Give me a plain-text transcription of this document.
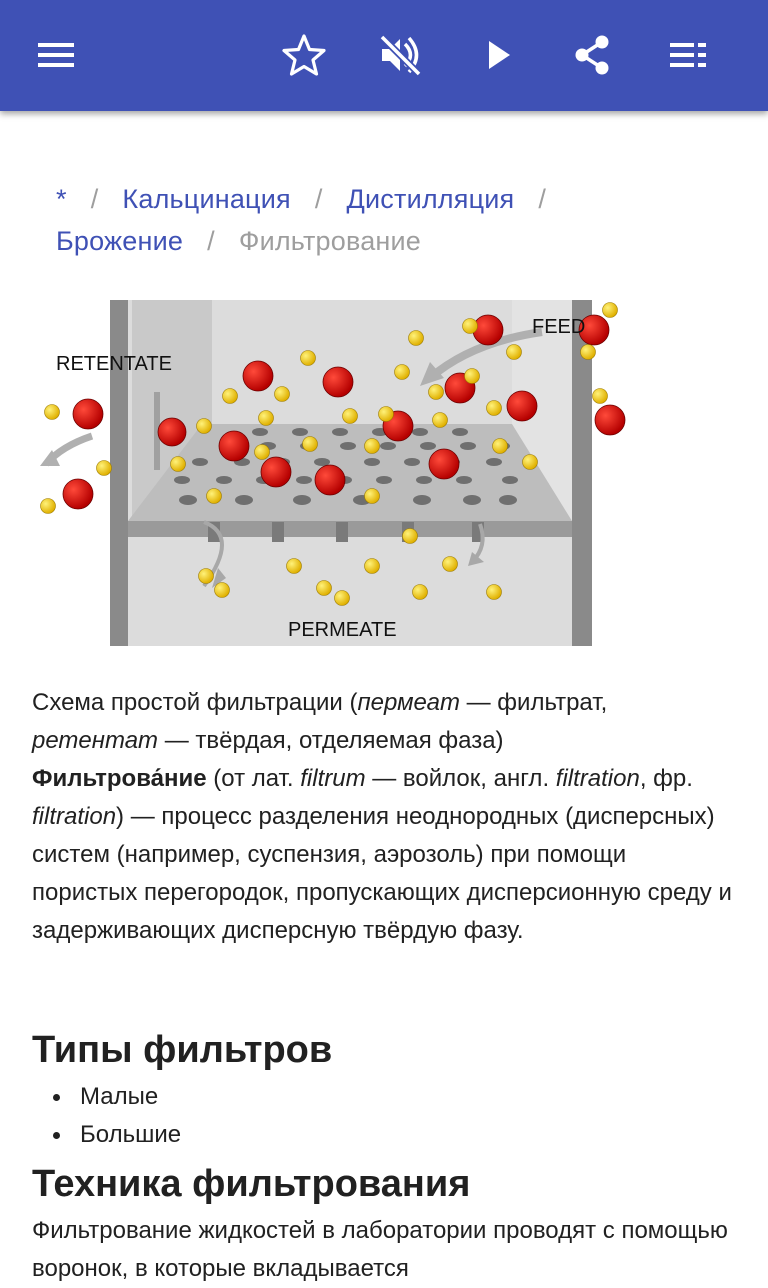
* / Кальцинация / Дистилляция /
Брожение / Фильтрование
RETENTATE
FEED
PERMEATE
Схема простой фильтрации (пермеат — фильтрат, ретентат — твёрдая, отделяемая фаза)
Фильтрова́ние (от лат. filtrum — войлок, англ. filtration, фр. filtration) — процесс разделения неоднородных (дисперсных) систем (например, суспензия, аэрозоль) при помощи пористых перегородок, пропускающих дисперсионную среду и задерживающих дисперсную твёрдую фазу.
Типы фильтров
Малые
Большие
Техника фильтрования
Фильтрование жидкостей в лаборатории проводят с помощью воронок, в которые вкладывается
